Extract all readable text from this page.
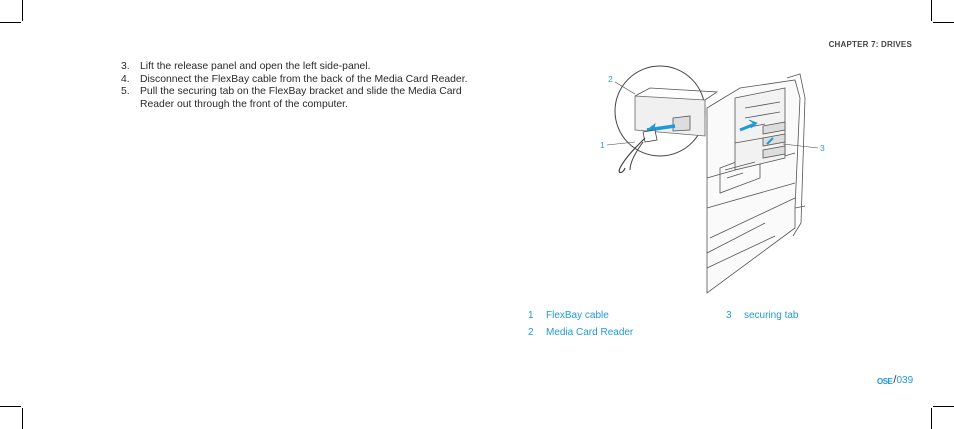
CHAPTER 7: DRIVES
3. Lift the release panel and open the left side-panel.
4. Disconnect the FlexBay cable from the back of the Media Card Reader.
5. Pull the securing tab on the FlexBay bracket and slide the Media Card Reader out through the front of the computer.
2
1	3
1	FlexBay cable	3	securing tab
2	Media Card Reader
OSE / 039
